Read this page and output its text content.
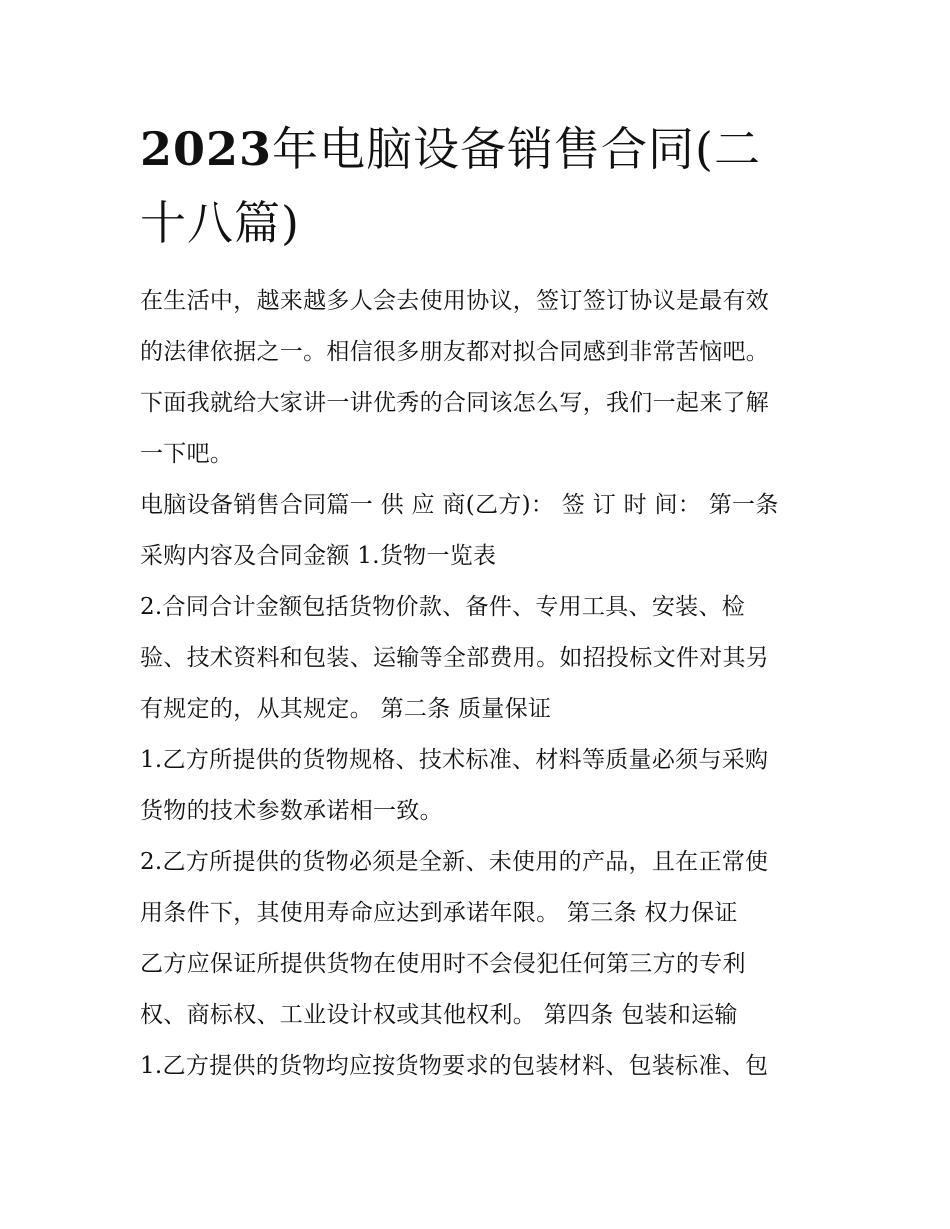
2023年电脑设备销售合同(二
十八篇)
在生活中，越来越多人会去使用协议，签订签订协议是最有效
的法律依据之一。相信很多朋友都对拟合同感到非常苦恼吧。
下面我就给大家讲一讲优秀的合同该怎么写，我们一起来了解
一下吧。
电脑设备销售合同篇一 供 应 商(乙方)： 签 订 时 间： 第一条
采购内容及合同金额 1.货物一览表
2.合同合计金额包括货物价款、备件、专用工具、安装、检
验、技术资料和包装、运输等全部费用。如招投标文件对其另
有规定的，从其规定。 第二条 质量保证
1.乙方所提供的货物规格、技术标准、材料等质量必须与采购
货物的技术参数承诺相一致。
2.乙方所提供的货物必须是全新、未使用的产品，且在正常使
用条件下，其使用寿命应达到承诺年限。 第三条 权力保证
乙方应保证所提供货物在使用时不会侵犯任何第三方的专利
权、商标权、工业设计权或其他权利。 第四条 包装和运输
1.乙方提供的货物均应按货物要求的包装材料、包装标准、包
